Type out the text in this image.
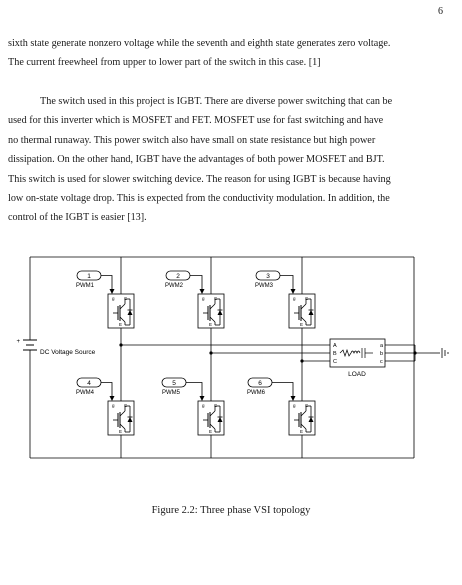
6
sixth state generate nonzero voltage while the seventh and eighth state generates zero voltage.
The current freewheel from upper to lower part of the switch in this case. [1]
The switch used in this project is IGBT. There are diverse power switching that can be
used for this inverter which is MOSFET and FET. MOSFET use for fast switching and have
no thermal runaway. This power switch also have small on state resistance but high power
dissipation. On the other hand, IGBT have the advantages of both power MOSFET and BJT.
This switch is used for slower switching device. The reason for using IGBT is because having
low on-state voltage drop. This is expected from the conductivity modulation. In addition, the
control of the IGBT is easier [13].
+
DC Voltage Source
g C
E
g C
E
g C
E
g C
E
g C
E
g C
E
1
PWM1
2
PWM2
3
PWM3
4
PWM4
5
PWM5
6
PWM6
A
B
C
a
b
c
LOAD
Figure 2.2: Three phase VSI topology
